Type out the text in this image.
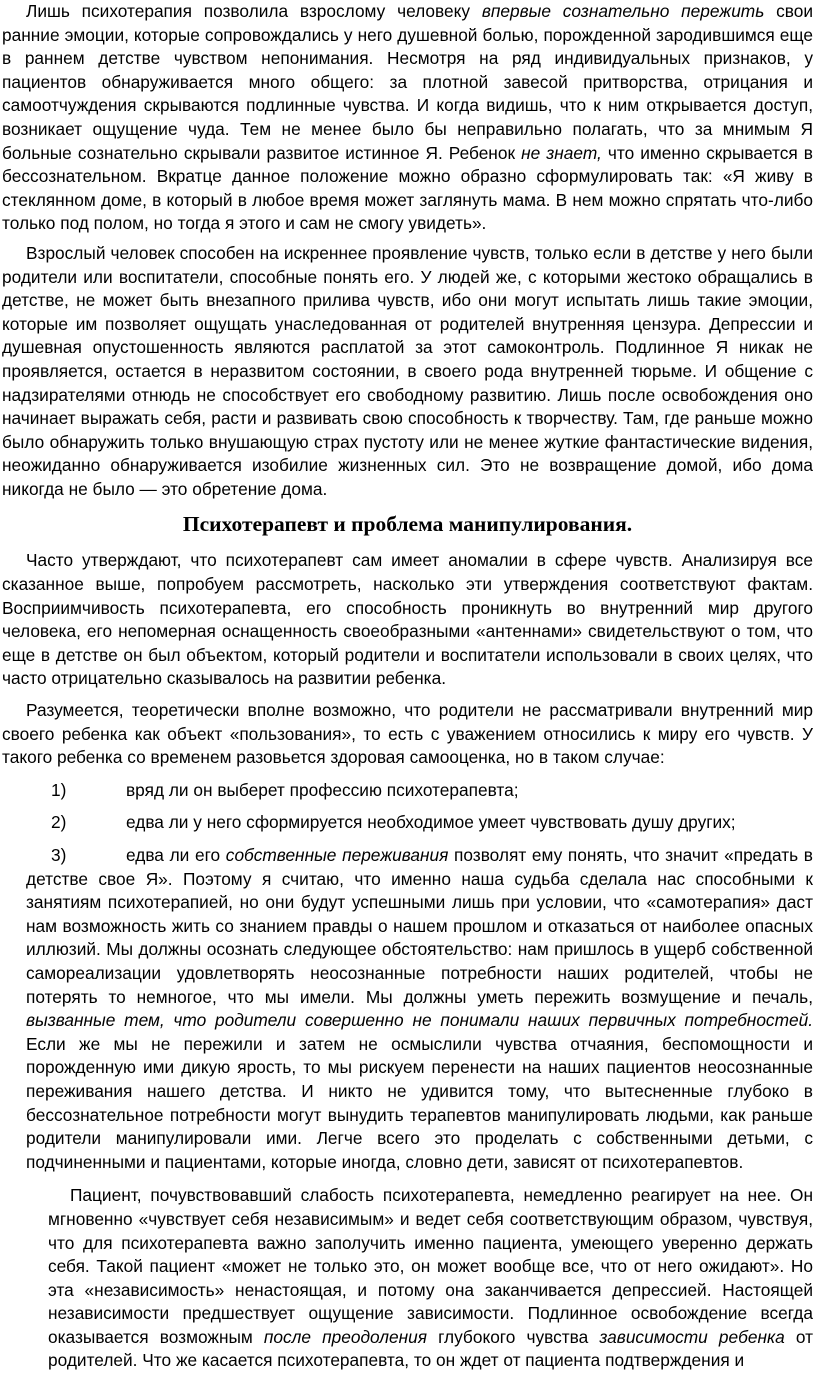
Лишь психотерапия позволила взрослому человеку впервые сознательно пережить свои ранние эмоции, которые сопровождались у него душевной болью, порожденной зародившимся еще в раннем детстве чувством непонимания. Несмотря на ряд индивидуальных признаков, у пациентов обнаруживается много общего: за плотной завесой притворства, отрицания и самоотчуждения скрываются подлинные чувства. И когда видишь, что к ним открывается доступ, возникает ощущение чуда. Тем не менее было бы неправильно полагать, что за мнимым Я больные сознательно скрывали развитое истинное Я. Ребенок не знает, что именно скрывается в бессознательном. Вкратце данное положение можно образно сформулировать так: «Я живу в стеклянном доме, в который в любое время может заглянуть мама. В нем можно спрятать что-либо только под полом, но тогда я этого и сам не смогу увидеть».

Взрослый человек способен на искреннее проявление чувств, только если в детстве у него были родители или воспитатели, способные понять его. У людей же, с которыми жестоко обращались в детстве, не может быть внезапного прилива чувств, ибо они могут испытать лишь такие эмоции, которые им позволяет ощущать унаследованная от родителей внутренняя цензура. Депрессии и душевная опустошенность являются расплатой за этот самоконтроль. Подлинное Я никак не проявляется, остается в неразвитом состоянии, в своего рода внутренней тюрьме. И общение с надзирателями отнюдь не способствует его свободному развитию. Лишь после освобождения оно начинает выражать себя, расти и развивать свою способность к творчеству. Там, где раньше можно было обнаружить только внушающую страх пустоту или не менее жуткие фантастические видения, неожиданно обнаруживается изобилие жизненных сил. Это не возвращение домой, ибо дома никогда не было — это обретение дома.

Психотерапевт и проблема манипулирования.

Часто утверждают, что психотерапевт сам имеет аномалии в сфере чувств. Анализируя все сказанное выше, попробуем рассмотреть, насколько эти утверждения соответствуют фактам. Восприимчивость психотерапевта, его способность проникнуть во внутренний мир другого человека, его непомерная оснащенность своеобразными «антеннами» свидетельствуют о том, что еще в детстве он был объектом, который родители и воспитатели использовали в своих целях, что часто отрицательно сказывалось на развитии ребенка.

Разумеется, теоретически вполне возможно, что родители не рассматривали внутренний мир своего ребенка как объект «пользования», то есть с уважением относились к миру его чувств. У такого ребенка со временем разовьется здоровая самооценка, но в таком случае:

1)	вряд ли он выберет профессию психотерапевта;
2)	едва ли у него сформируется необходимое умеет чувствовать душу других;
3)	едва ли его собственные переживания позволят ему понять, что значит «предать в детстве свое Я». Поэтому я считаю, что именно наша судьба сделала нас способными к занятиям психотерапией, но они будут успешными лишь при условии, что «самотерапия» даст нам возможность жить со знанием правды о нашем прошлом и отказаться от наиболее опасных иллюзий. Мы должны осознать следующее обстоятельство: нам пришлось в ущерб собственной самореализации удовлетворять неосознанные потребности наших родителей, чтобы не потерять то немногое, что мы имели. Мы должны уметь пережить возмущение и печаль, вызванные тем, что родители совершенно не понимали наших первичных потребностей. Если же мы не пережили и затем не осмыслили чувства отчаяния, беспомощности и порожденную ими дикую ярость, то мы рискуем перенести на наших пациентов неосознанные переживания нашего детства. И никто не удивится тому, что вытесненные глубоко в бессознательное потребности могут вынудить терапевтов манипулировать людьми, как раньше родители манипулировали ими. Легче всего это проделать с собственными детьми, с подчиненными и пациентами, которые иногда, словно дети, зависят от психотерапевтов.

Пациент, почувствовавший слабость психотерапевта, немедленно реагирует на нее. Он мгновенно «чувствует себя независимым» и ведет себя соответствующим образом, чувствуя, что для психотерапевта важно заполучить именно пациента, умеющего уверенно держать себя. Такой пациент «может не только это, он может вообще все, что от него ожидают». Но эта «независимость» ненастоящая, и потому она заканчивается депрессией. Настоящей независимости предшествует ощущение зависимости. Подлинное освобождение всегда оказывается возможным после преодоления глубокого чувства зависимости ребенка от родителей. Что же касается психотерапевта, то он ждет от пациента подтверждения и
